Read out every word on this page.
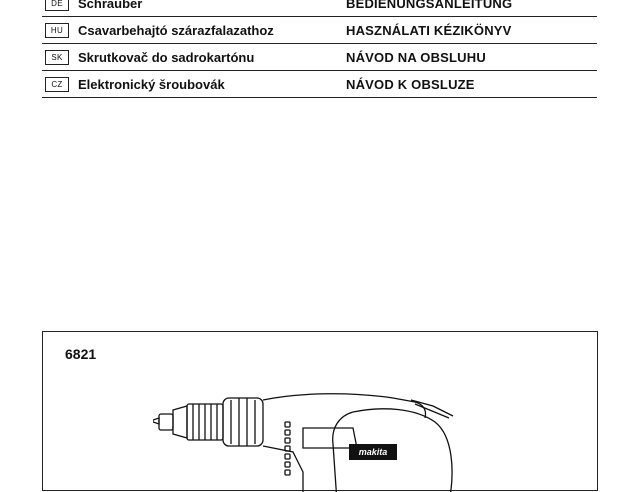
DE	Schrauber	BEDIENUNGSANLEITUNG
HU	Csavarbehajtó szárazfalazathoz	HASZNÁLATI KÉZIKÖNYV
SK	Skrutkovač do sadrokartónu	NÁVOD NA OBSLUHU
CZ	Elektronický šroubovák	NÁVOD K OBSLUZE
6821
makita
